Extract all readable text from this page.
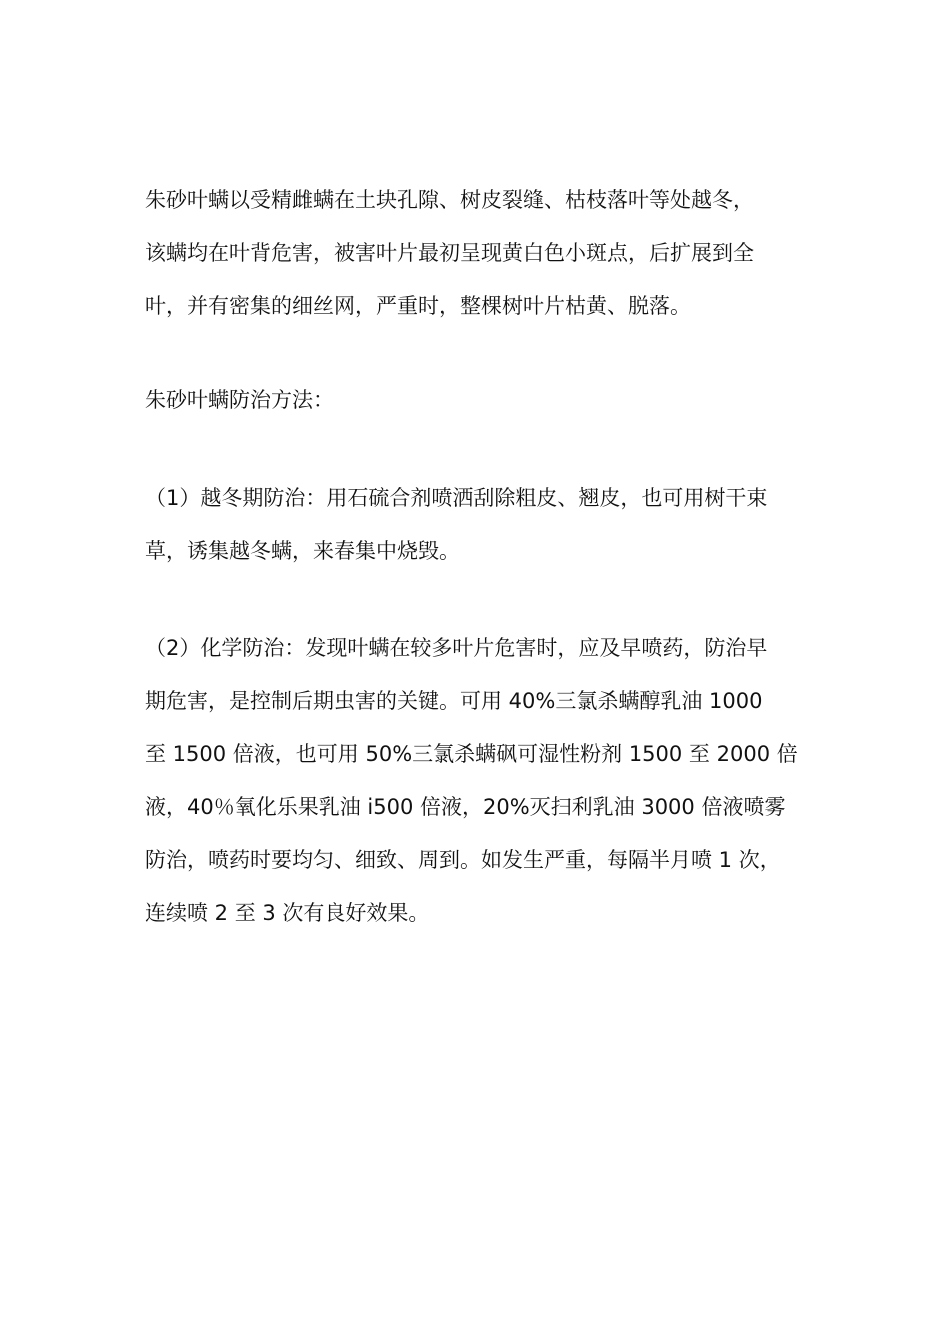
朱砂叶螨以受精雌螨在土块孔隙、树皮裂缝、枯枝落叶等处越冬，
该螨均在叶背危害，被害叶片最初呈现黄白色小斑点，后扩展到全
叶，并有密集的细丝网，严重时，整棵树叶片枯黄、脱落。
朱砂叶螨防治方法：
（1）越冬期防治：用石硫合剂喷洒刮除粗皮、翘皮，也可用树干束
草，诱集越冬螨，来春集中烧毁。
（2）化学防治：发现叶螨在较多叶片危害时，应及早喷药，防治早
期危害，是控制后期虫害的关键。可用 40%三氯杀螨醇乳油 1000
至 1500 倍液，也可用 50%三氯杀螨砜可湿性粉剂 1500 至 2000 倍
液，40％氧化乐果乳油 i500 倍液，20%灭扫利乳油 3000 倍液喷雾
防治，喷药时要均匀、细致、周到。如发生严重，每隔半月喷 1 次，
连续喷 2 至 3 次有良好效果。
